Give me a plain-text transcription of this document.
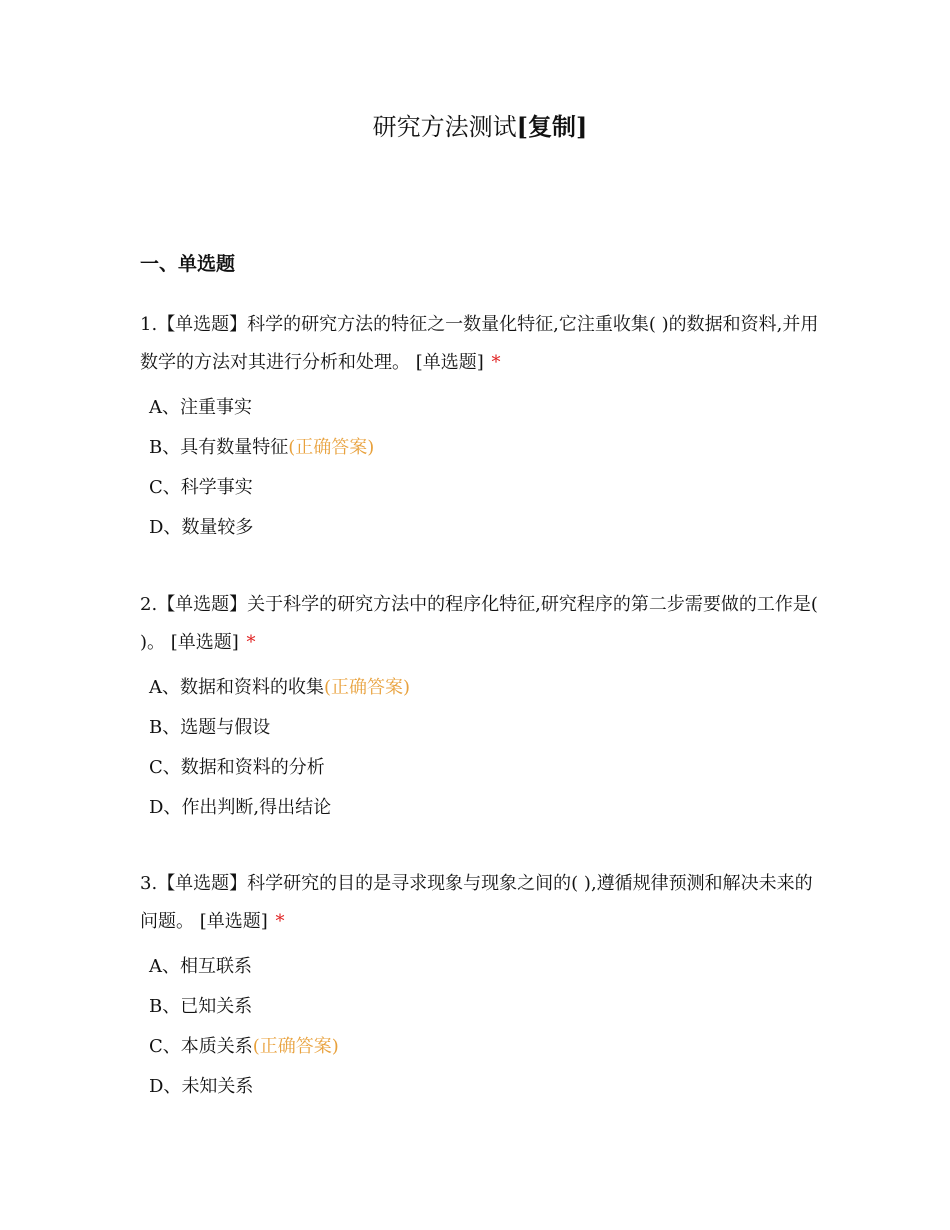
研究方法测试[复制]
一、单选题

1.【单选题】科学的研究方法的特征之一数量化特征,它注重收集( )的数据和资料,并用数学的方法对其进行分析和处理。 [单选题] *

A、注重事实
B、具有数量特征(正确答案)
C、科学事实
D、数量较多

2.【单选题】关于科学的研究方法中的程序化特征,研究程序的第二步需要做的工作是( )。 [单选题] *

A、数据和资料的收集(正确答案)
B、选题与假设
C、数据和资料的分析
D、作出判断,得出结论

3.【单选题】科学研究的目的是寻求现象与现象之间的( ),遵循规律预测和解决未来的问题。 [单选题] *

A、相互联系
B、已知关系
C、本质关系(正确答案)
D、未知关系
